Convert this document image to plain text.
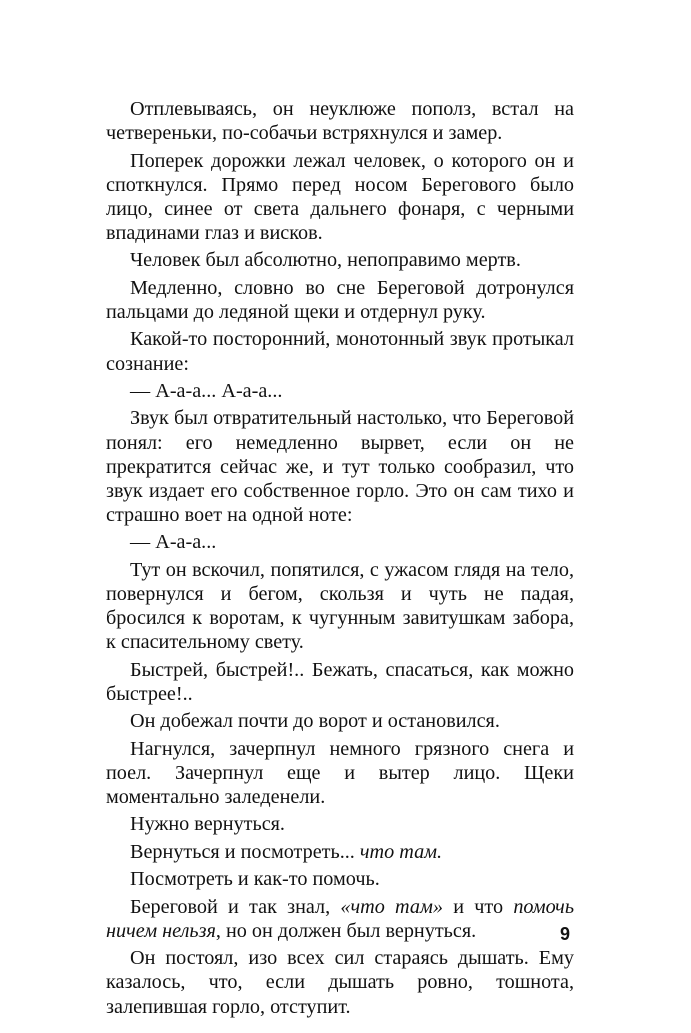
Отплевываясь, он неуклюже пополз, встал на четвереньки, по-собачьи встряхнулся и замер.

Поперек дорожки лежал человек, о которого он и споткнулся. Прямо перед носом Берегового было лицо, синее от света дальнего фонаря, с черными впадинами глаз и висков.

Человек был абсолютно, непоправимо мертв.

Медленно, словно во сне Береговой дотронулся пальцами до ледяной щеки и отдернул руку.

Какой-то посторонний, монотонный звук протыкал сознание:

— А-а-а... А-а-а...

Звук был отвратительный настолько, что Береговой понял: его немедленно вырвет, если он не прекратится сейчас же, и тут только сообразил, что звук издает его собственное горло. Это он сам тихо и страшно воет на одной ноте:

— А-а-а...

Тут он вскочил, попятился, с ужасом глядя на тело, повернулся и бегом, скользя и чуть не падая, бросился к воротам, к чугунным завитушкам забора, к спасительному свету.

Быстрей, быстрей!.. Бежать, спасаться, как можно быстрее!..

Он добежал почти до ворот и остановился.

Нагнулся, зачерпнул немного грязного снега и поел. Зачерпнул еще и вытер лицо. Щеки моментально заледенели.

Нужно вернуться.

Вернуться и посмотреть... что там.

Посмотреть и как-то помочь.

Береговой и так знал, «что там» и что помочь ничем нельзя, но он должен был вернуться.

Он постоял, изо всех сил стараясь дышать. Ему казалось, что, если дышать ровно, тошнота, залепившая горло, отступит.

9
